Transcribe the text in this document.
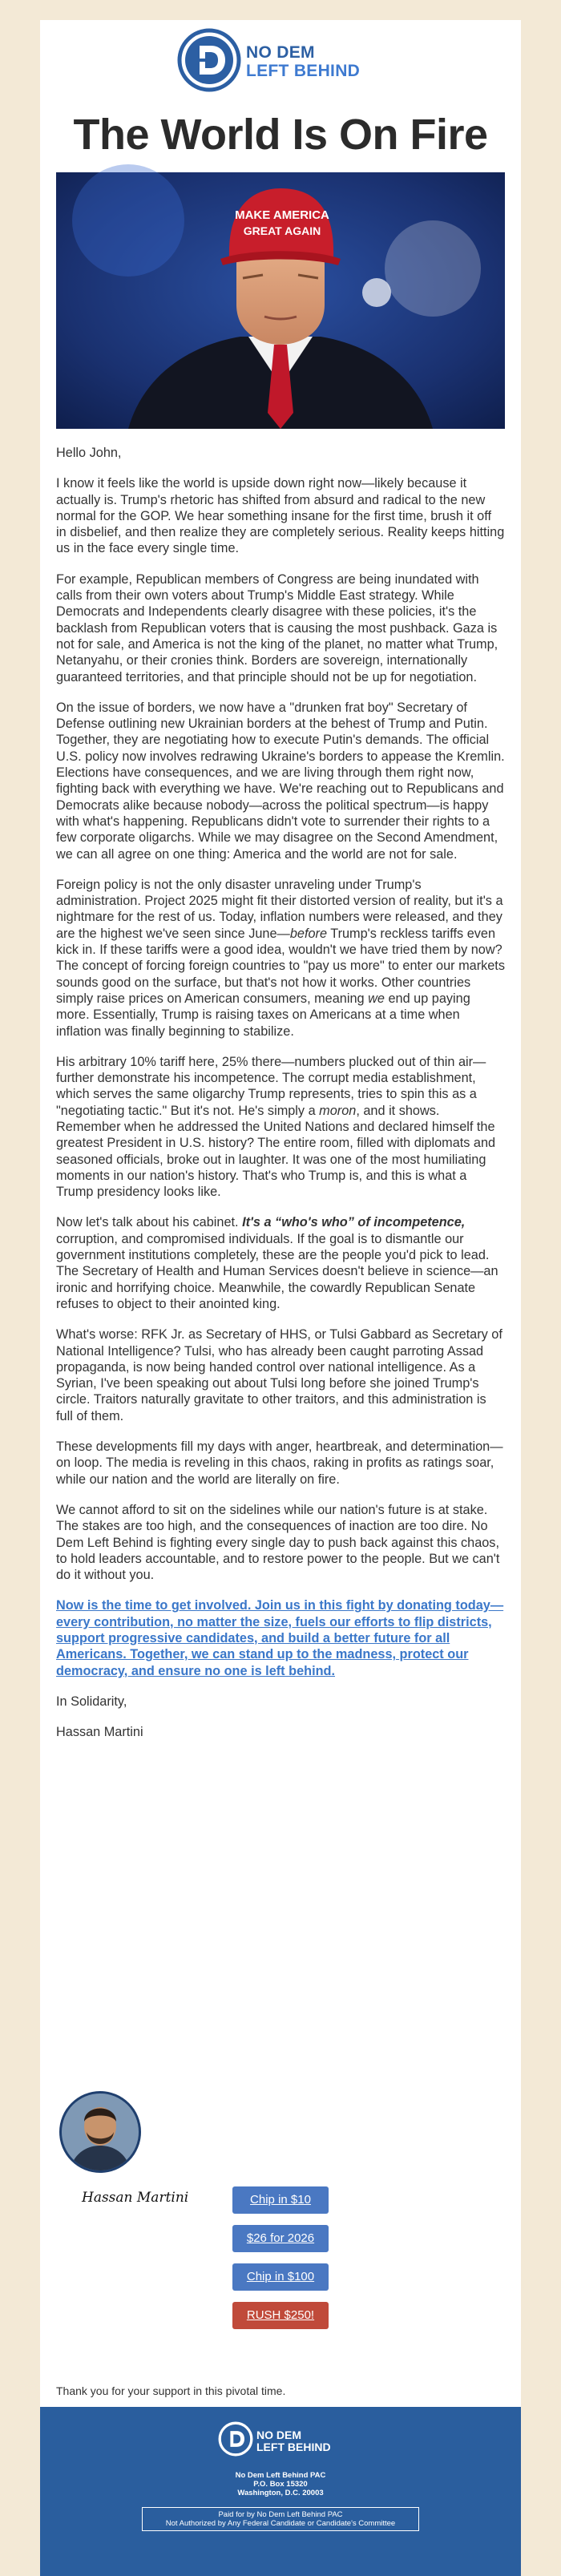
NO DEM
LEFT BEHIND
The World Is On Fire
MAKE AMERICA
GREAT AGAIN

Hello John,

I know it feels like the world is upside down right now—likely because it actually is. Trump's rhetoric has shifted from absurd and radical to the new normal for the GOP. We hear something insane for the first time, brush it off in disbelief, and then realize they are completely serious. Reality keeps hitting us in the face every single time.

For example, Republican members of Congress are being inundated with calls from their own voters about Trump's Middle East strategy. While Democrats and Independents clearly disagree with these policies, it's the backlash from Republican voters that is causing the most pushback. Gaza is not for sale, and America is not the king of the planet, no matter what Trump, Netanyahu, or their cronies think. Borders are sovereign, internationally guaranteed territories, and that principle should not be up for negotiation.

On the issue of borders, we now have a "drunken frat boy" Secretary of Defense outlining new Ukrainian borders at the behest of Trump and Putin. Together, they are negotiating how to execute Putin's demands. The official U.S. policy now involves redrawing Ukraine's borders to appease the Kremlin. Elections have consequences, and we are living through them right now, fighting back with everything we have. We're reaching out to Republicans and Democrats alike because nobody—across the political spectrum—is happy with what's happening. Republicans didn't vote to surrender their rights to a few corporate oligarchs. While we may disagree on the Second Amendment, we can all agree on one thing: America and the world are not for sale.

Foreign policy is not the only disaster unraveling under Trump's administration. Project 2025 might fit their distorted version of reality, but it's a nightmare for the rest of us. Today, inflation numbers were released, and they are the highest we've seen since June—before Trump's reckless tariffs even kick in. If these tariffs were a good idea, wouldn't we have tried them by now? The concept of forcing foreign countries to "pay us more" to enter our markets sounds good on the surface, but that's not how it works. Other countries simply raise prices on American consumers, meaning we end up paying more. Essentially, Trump is raising taxes on Americans at a time when inflation was finally beginning to stabilize.

His arbitrary 10% tariff here, 25% there—numbers plucked out of thin air—further demonstrate his incompetence. The corrupt media establishment, which serves the same oligarchy Trump represents, tries to spin this as a "negotiating tactic." But it's not. He's simply a moron, and it shows. Remember when he addressed the United Nations and declared himself the greatest President in U.S. history? The entire room, filled with diplomats and seasoned officials, broke out in laughter. It was one of the most humiliating moments in our nation's history. That's who Trump is, and this is what a Trump presidency looks like.

Now let's talk about his cabinet. It's a “who's who” of incompetence, corruption, and compromised individuals. If the goal is to dismantle our government institutions completely, these are the people you'd pick to lead. The Secretary of Health and Human Services doesn't believe in science—an ironic and horrifying choice. Meanwhile, the cowardly Republican Senate refuses to object to their anointed king.

What's worse: RFK Jr. as Secretary of HHS, or Tulsi Gabbard as Secretary of National Intelligence? Tulsi, who has already been caught parroting Assad propaganda, is now being handed control over national intelligence. As a Syrian, I've been speaking out about Tulsi long before she joined Trump's circle. Traitors naturally gravitate to other traitors, and this administration is full of them.

These developments fill my days with anger, heartbreak, and determination—on loop. The media is reveling in this chaos, raking in profits as ratings soar, while our nation and the world are literally on fire.

We cannot afford to sit on the sidelines while our nation's future is at stake. The stakes are too high, and the consequences of inaction are too dire. No Dem Left Behind is fighting every single day to push back against this chaos, to hold leaders accountable, and to restore power to the people. But we can't do it without you.

Now is the time to get involved. Join us in this fight by donating today—every contribution, no matter the size, fuels our efforts to flip districts, support progressive candidates, and build a better future for all Americans. Together, we can stand up to the madness, protect our democracy, and ensure no one is left behind.

In Solidarity,

Hassan Martini

Hassan Martini	Chip in $10
$26 for 2026
Chip in $100
RUSH $250!
Thank you for your support in this pivotal time.
NO DEM
LEFT BEHIND
No Dem Left Behind PAC
P.O. Box 15320
Washington, D.C. 20003
Paid for by No Dem Left Behind PAC
Not Authorized by Any Federal Candidate or Candidate's Committee
